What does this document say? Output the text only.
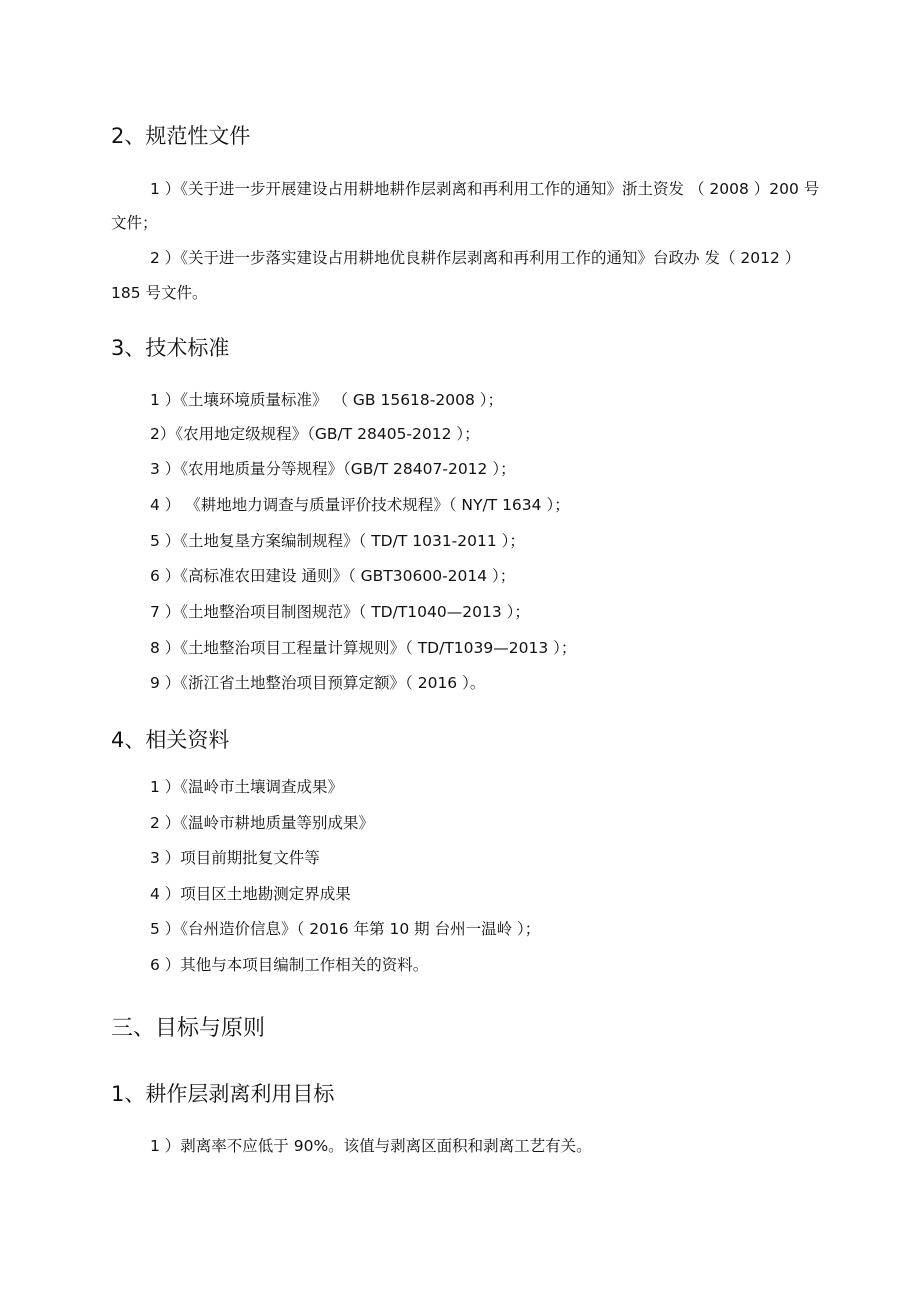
2、规范性文件
1 ）《关于进一步开展建设占用耕地耕作层剥离和再利用工作的通知》浙土资发 （ 2008 ）200 号
文件；
2 ）《关于进一步落实建设占用耕地优良耕作层剥离和再利用工作的通知》台政办 发（ 2012 ）
185 号文件。
3、技术标准
1 ）《土壤环境质量标准》 （ GB 15618-2008 ）；
2）《农用地定级规程》（GB/T 28405-2012 ）；
3 ）《农用地质量分等规程》（GB/T 28407-2012 ）；
4 ） 《耕地地力调查与质量评价技术规程》（ NY/T 1634 ）；
5 ）《土地复垦方案编制规程》（ TD/T 1031-2011 ）；
6 ）《高标准农田建设 通则》（ GBT30600-2014 ）；
7 ）《土地整治项目制图规范》（ TD/T1040—2013 ）；
8 ）《土地整治项目工程量计算规则》（ TD/T1039—2013 ）；
9 ）《浙江省土地整治项目预算定额》（ 2016 ）。
4、相关资料
1 ）《温岭市土壤调查成果》
2 ）《温岭市耕地质量等别成果》
3 ）项目前期批复文件等
4 ）项目区土地勘测定界成果
5 ）《台州造价信息》（ 2016 年第 10 期 台州一温岭 ）；
6 ）其他与本项目编制工作相关的资料。
三、目标与原则
1、耕作层剥离利用目标
1 ）剥离率不应低于 90%。该值与剥离区面积和剥离工艺有关。
